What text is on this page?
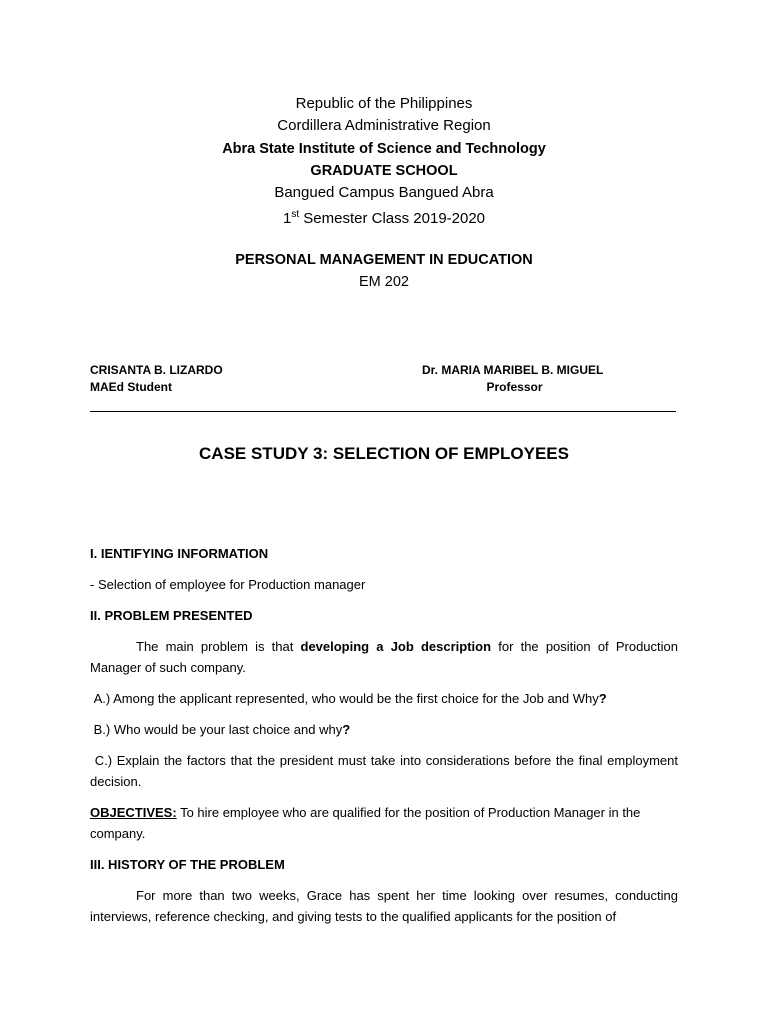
Republic of the Philippines
Cordillera Administrative Region
Abra State Institute of Science and Technology
GRADUATE SCHOOL
Bangued Campus Bangued Abra
1st Semester Class 2019-2020
PERSONAL MANAGEMENT IN EDUCATION
EM 202
CRISANTA B. LIZARDO
MAEd Student
Dr. MARIA MARIBEL B. MIGUEL
Professor
CASE STUDY 3: SELECTION OF EMPLOYEES

I. IENTIFYING INFORMATION

- Selection of employee for Production manager

II. PROBLEM PRESENTED

The main problem is that developing a Job description for the position of Production Manager of such company.

A.) Among the applicant represented, who would be the first choice for the Job and Why?

B.) Who would be your last choice and why?

C.) Explain the factors that the president must take into considerations before the final employment decision.

OBJECTIVES: To hire employee who are qualified for the position of Production Manager in the company.

III. HISTORY OF THE PROBLEM

For more than two weeks, Grace has spent her time looking over resumes, conducting interviews, reference checking, and giving tests to the qualified applicants for the position of
